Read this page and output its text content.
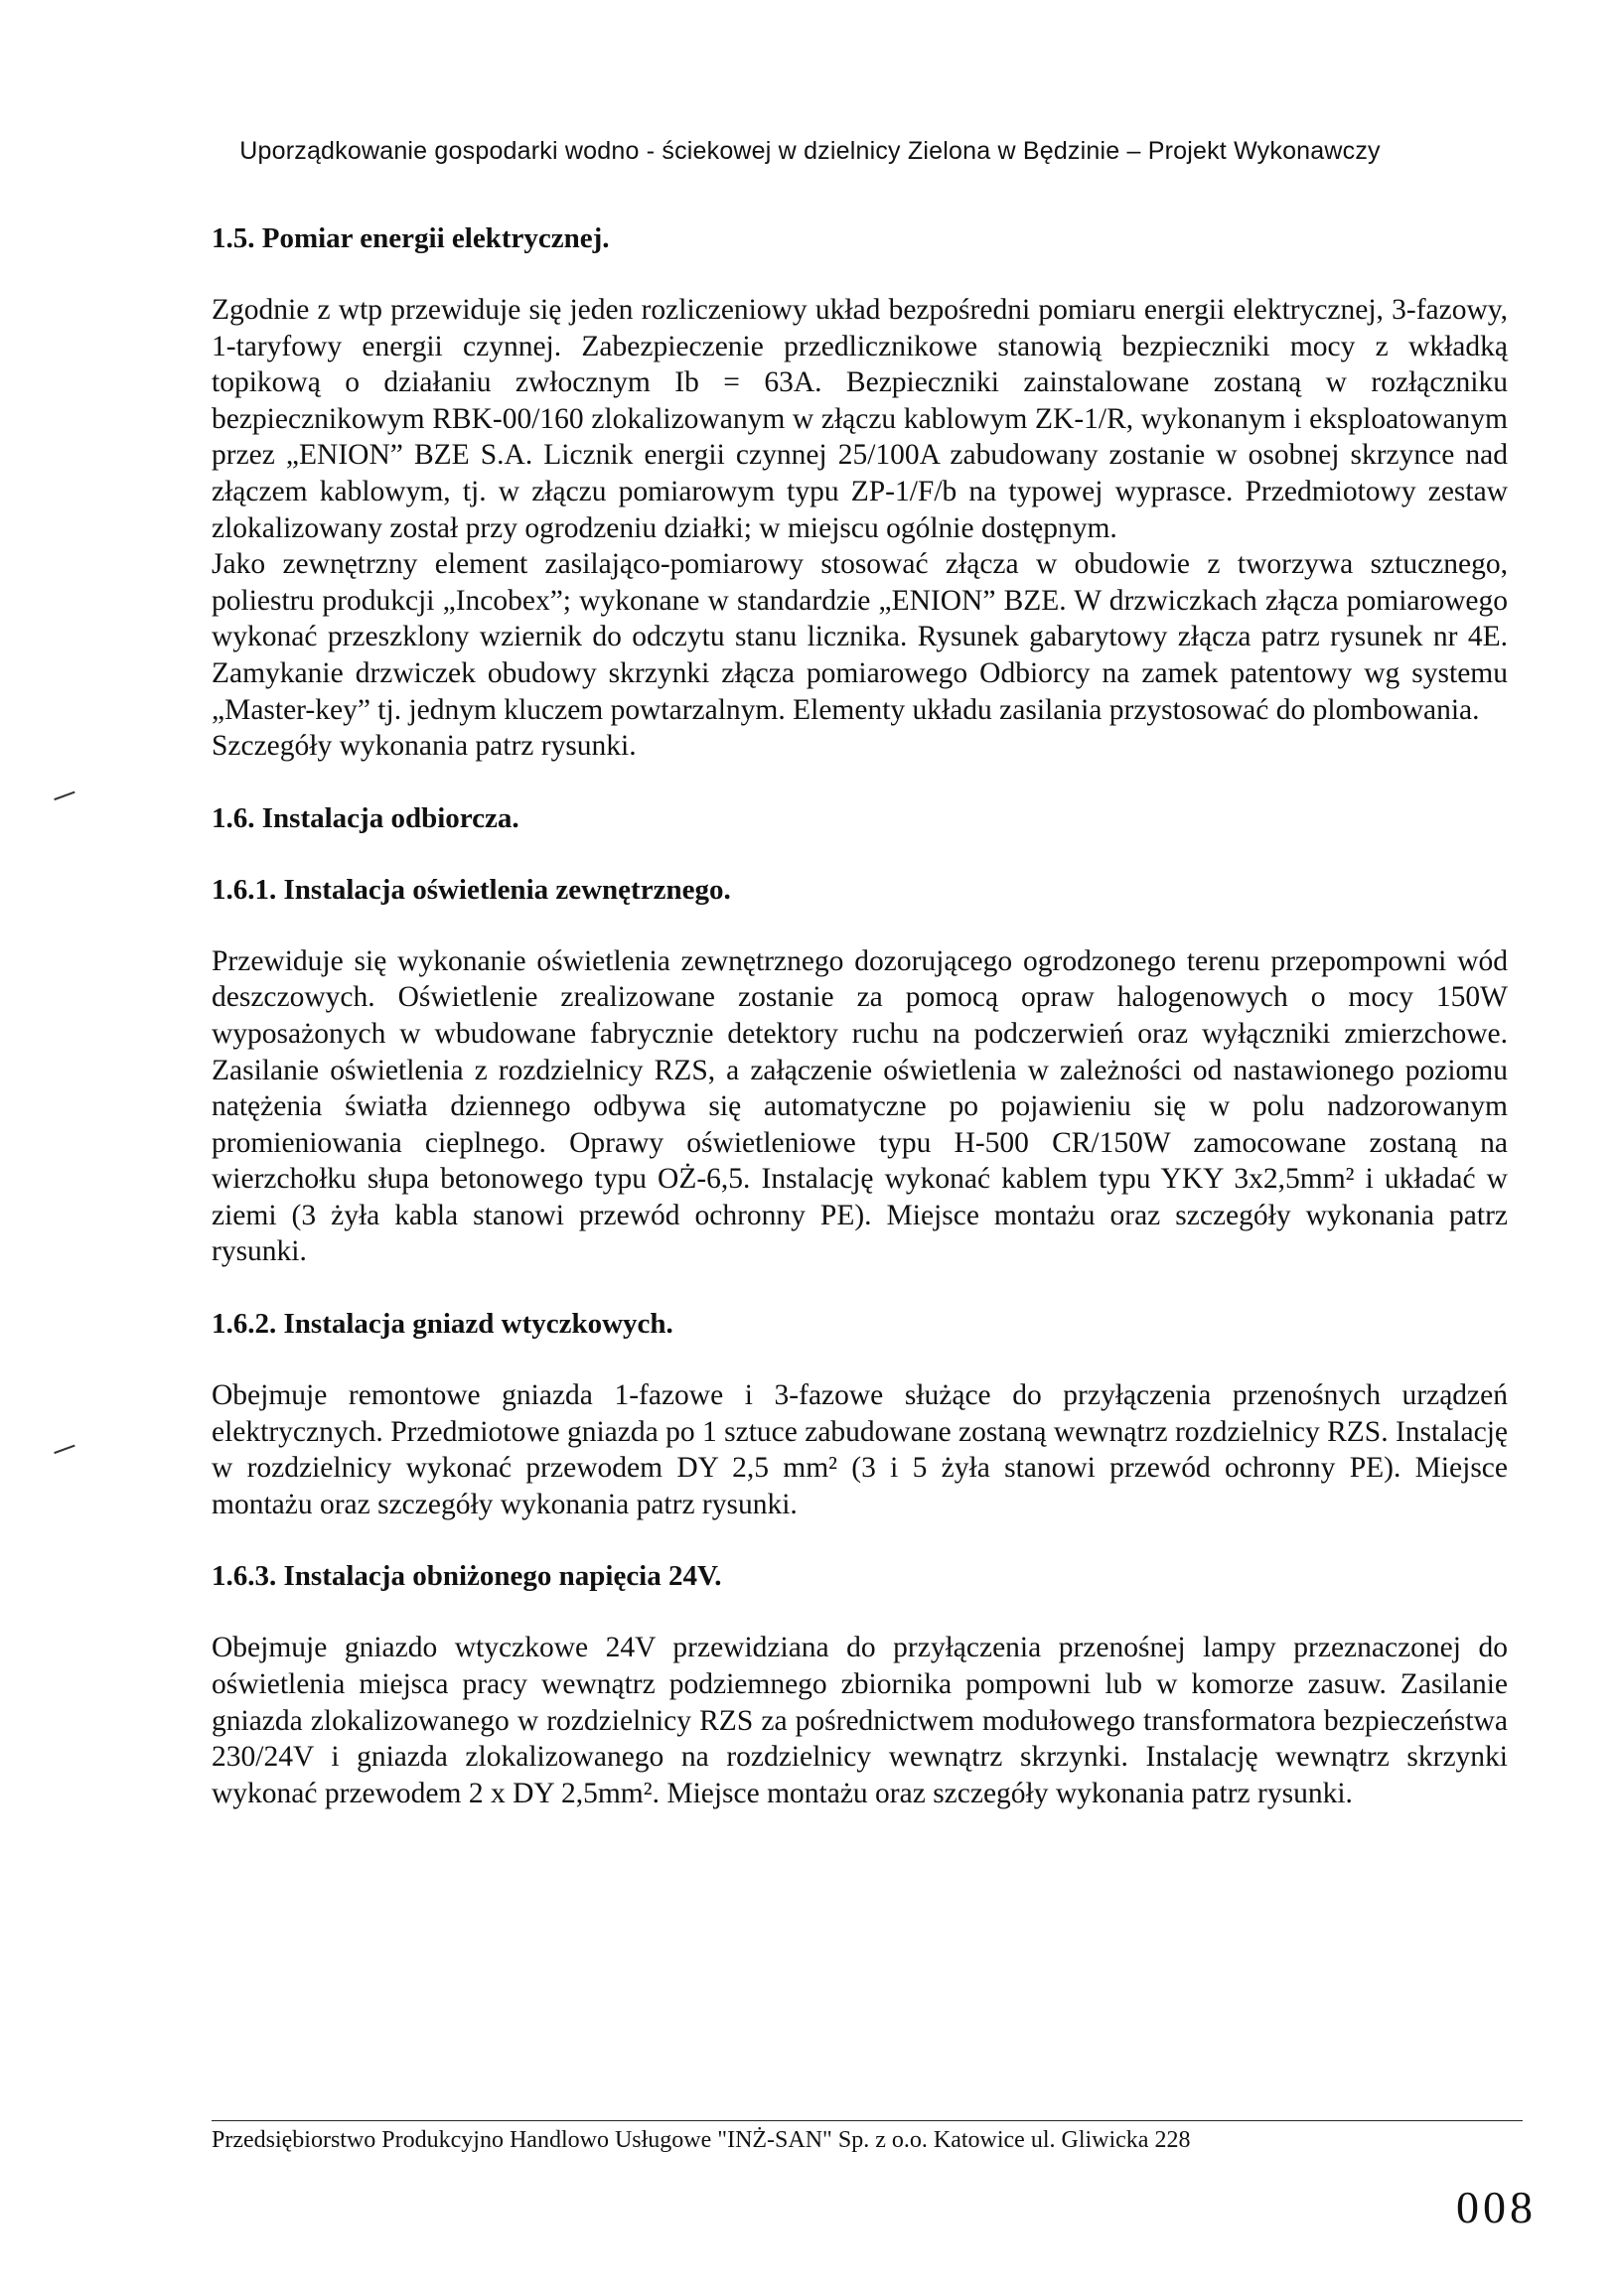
Uporządkowanie gospodarki wodno - ściekowej w dzielnicy Zielona w Będzinie – Projekt Wykonawczy

1.5. Pomiar energii elektrycznej.

Zgodnie z wtp przewiduje się jeden rozliczeniowy układ bezpośredni pomiaru energii elektrycznej, 3-fazowy, 1-taryfowy energii czynnej. Zabezpieczenie przedlicznikowe stanowią bezpieczniki mocy z wkładką topikową o działaniu zwłocznym Ib = 63A. Bezpieczniki zainstalowane zostaną w rozłączniku bezpiecznikowym RBK-00/160 zlokalizowanym w złączu kablowym ZK-1/R, wykonanym i eksploatowanym przez „ENION” BZE S.A. Licznik energii czynnej 25/100A zabudowany zostanie w osobnej skrzynce nad złączem kablowym, tj. w złączu pomiarowym typu ZP-1/F/b na typowej wyprasce. Przedmiotowy zestaw zlokalizowany został przy ogrodzeniu działki; w miejscu ogólnie dostępnym.

Jako zewnętrzny element zasilająco-pomiarowy stosować złącza w obudowie z tworzywa sztucznego, poliestru produkcji „Incobex”; wykonane w standardzie „ENION” BZE. W drzwiczkach złącza pomiarowego wykonać przeszklony wziernik do odczytu stanu licznika. Rysunek gabarytowy złącza patrz rysunek nr 4E. Zamykanie drzwiczek obudowy skrzynki złącza pomiarowego Odbiorcy na zamek patentowy wg systemu „Master-key” tj. jednym kluczem powtarzalnym. Elementy układu zasilania przystosować do plombowania.

Szczegóły wykonania patrz rysunki.

1.6. Instalacja odbiorcza.

1.6.1. Instalacja oświetlenia zewnętrznego.

Przewiduje się wykonanie oświetlenia zewnętrznego dozorującego ogrodzonego terenu przepompowni wód deszczowych. Oświetlenie zrealizowane zostanie za pomocą opraw halogenowych o mocy 150W wyposażonych w wbudowane fabrycznie detektory ruchu na podczerwień oraz wyłączniki zmierzchowe. Zasilanie oświetlenia z rozdzielnicy RZS, a załączenie oświetlenia w zależności od nastawionego poziomu natężenia światła dziennego odbywa się automatyczne po pojawieniu się w polu nadzorowanym promieniowania cieplnego. Oprawy oświetleniowe typu H-500 CR/150W zamocowane zostaną na wierzchołku słupa betonowego typu OŻ-6,5. Instalację wykonać kablem typu YKY 3x2,5mm² i układać w ziemi (3 żyła kabla stanowi przewód ochronny PE). Miejsce montażu oraz szczegóły wykonania patrz rysunki.

1.6.2. Instalacja gniazd wtyczkowych.

Obejmuje remontowe gniazda 1-fazowe i 3-fazowe służące do przyłączenia przenośnych urządzeń elektrycznych. Przedmiotowe gniazda po 1 sztuce zabudowane zostaną wewnątrz rozdzielnicy RZS. Instalację w rozdzielnicy wykonać przewodem DY 2,5 mm² (3 i 5 żyła stanowi przewód ochronny PE). Miejsce montażu oraz szczegóły wykonania patrz rysunki.

1.6.3. Instalacja obniżonego napięcia 24V.

Obejmuje gniazdo wtyczkowe 24V przewidziana do przyłączenia przenośnej lampy przeznaczonej do oświetlenia miejsca pracy wewnątrz podziemnego zbiornika pompowni lub w komorze zasuw. Zasilanie gniazda zlokalizowanego w rozdzielnicy RZS za pośrednictwem modułowego transformatora bezpieczeństwa 230/24V i gniazda zlokalizowanego na rozdzielnicy wewnątrz skrzynki. Instalację wewnątrz skrzynki wykonać przewodem 2 x DY 2,5mm². Miejsce montażu oraz szczegóły wykonania patrz rysunki.

Przedsiębiorstwo Produkcyjno Handlowo Usługowe "INŻ-SAN" Sp. z o.o. Katowice ul. Gliwicka 228
008
